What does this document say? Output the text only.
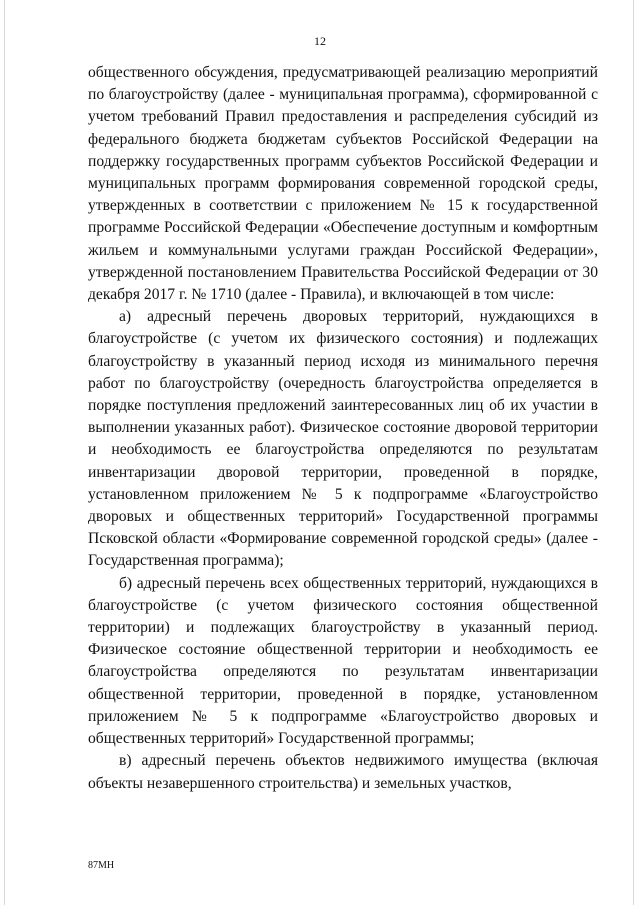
12

общественного обсуждения, предусматривающей реализацию мероприятий по благоустройству (далее - муниципальная программа), сформированной с учетом требований Правил предоставления и распределения субсидий из федерального бюджета бюджетам субъектов Российской Федерации на поддержку государственных программ субъектов Российской Федерации и муниципальных программ формирования современной городской среды, утвержденных в соответствии с приложением № 15 к государственной программе Российской Федерации «Обеспечение доступным и комфортным жильем и коммунальными услугами граждан Российской Федерации», утвержденной постановлением Правительства Российской Федерации от 30 декабря 2017 г. № 1710 (далее - Правила), и включающей в том числе:

а) адресный перечень дворовых территорий, нуждающихся в благоустройстве (с учетом их физического состояния) и подлежащих благоустройству в указанный период исходя из минимального перечня работ по благоустройству (очередность благоустройства определяется в порядке поступления предложений заинтересованных лиц об их участии в выполнении указанных работ). Физическое состояние дворовой территории и необходимость ее благоустройства определяются по результатам инвентаризации дворовой территории, проведенной в порядке, установленном приложением № 5 к подпрограмме «Благоустройство дворовых и общественных территорий» Государственной программы Псковской области «Формирование современной городской среды» (далее - Государственная программа);

б) адресный перечень всех общественных территорий, нуждающихся в благоустройстве (с учетом физического состояния общественной территории) и подлежащих благоустройству в указанный период. Физическое состояние общественной территории и необходимость ее благоустройства определяются по результатам инвентаризации общественной территории, проведенной в порядке, установленном приложением № 5 к подпрограмме «Благоустройство дворовых и общественных территорий» Государственной программы;

в) адресный перечень объектов недвижимого имущества (включая объекты незавершенного строительства) и земельных участков,

87МН
